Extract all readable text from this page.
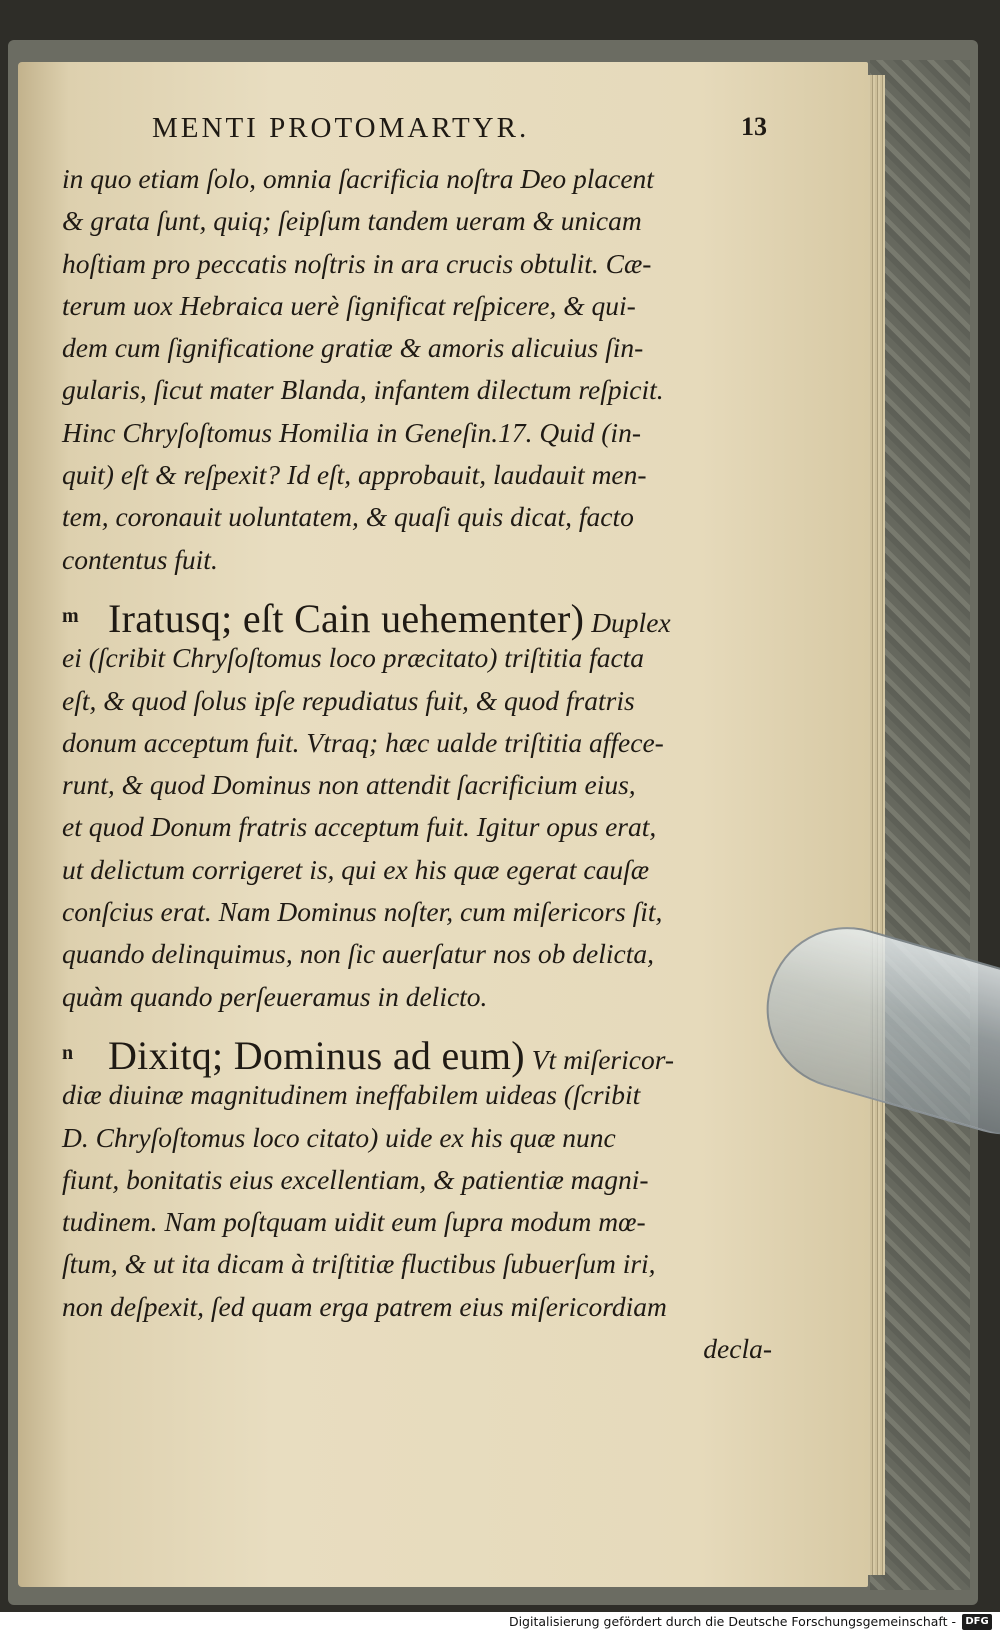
MENTI PROTOMARTYR.	13
in quo etiam ſolo, omnia ſacrificia noſtra Deo placent
& grata ſunt, quiq; ſeipſum tandem ueram & unicam
hoſtiam pro peccatis noſtris in ara crucis obtulit. Cæ-
terum uox Hebraica uerè ſignificat reſpicere, & qui-
dem cum ſignificatione gratiæ & amoris alicuius ſin-
gularis, ſicut mater Blanda, infantem dilectum reſpicit.
Hinc Chryſoſtomus Homilia in Geneſin.17. Quid (in-
quit) eſt & reſpexit? Id eſt, approbauit, laudauit men-
tem, coronauit uoluntatem, & quaſi quis dicat, facto
contentus fuit.
m Iratusq; eſt Cain uehementer) Duplex
ei (ſcribit Chryſoſtomus loco præcitato) triſtitia facta
eſt, & quod ſolus ipſe repudiatus fuit, & quod fratris
donum acceptum fuit. Vtraq; hæc ualde triſtitia affece-
runt, & quod Dominus non attendit ſacrificium eius,
et quod Donum fratris acceptum fuit. Igitur opus erat,
ut delictum corrigeret is, qui ex his quæ egerat cauſæ
conſcius erat. Nam Dominus noſter, cum miſericors ſit,
quando delinquimus, non ſic auerſatur nos ob delicta,
quàm quando perſeueramus in delicto.
n Dixitq; Dominus ad eum) Vt miſericor-
diæ diuinæ magnitudinem ineffabilem uideas (ſcribit
D. Chryſoſtomus loco citato) uide ex his quæ nunc
fiunt, bonitatis eius excellentiam, & patientiæ magni-
tudinem. Nam poſtquam uidit eum ſupra modum mœ-
ſtum, & ut ita dicam à triſtitiæ fluctibus ſubuerſum iri,
non deſpexit, ſed quam erga patrem eius miſericordiam
decla-
Digitalisierung gefördert durch die Deutsche Forschungsgemeinschaft - DFG
